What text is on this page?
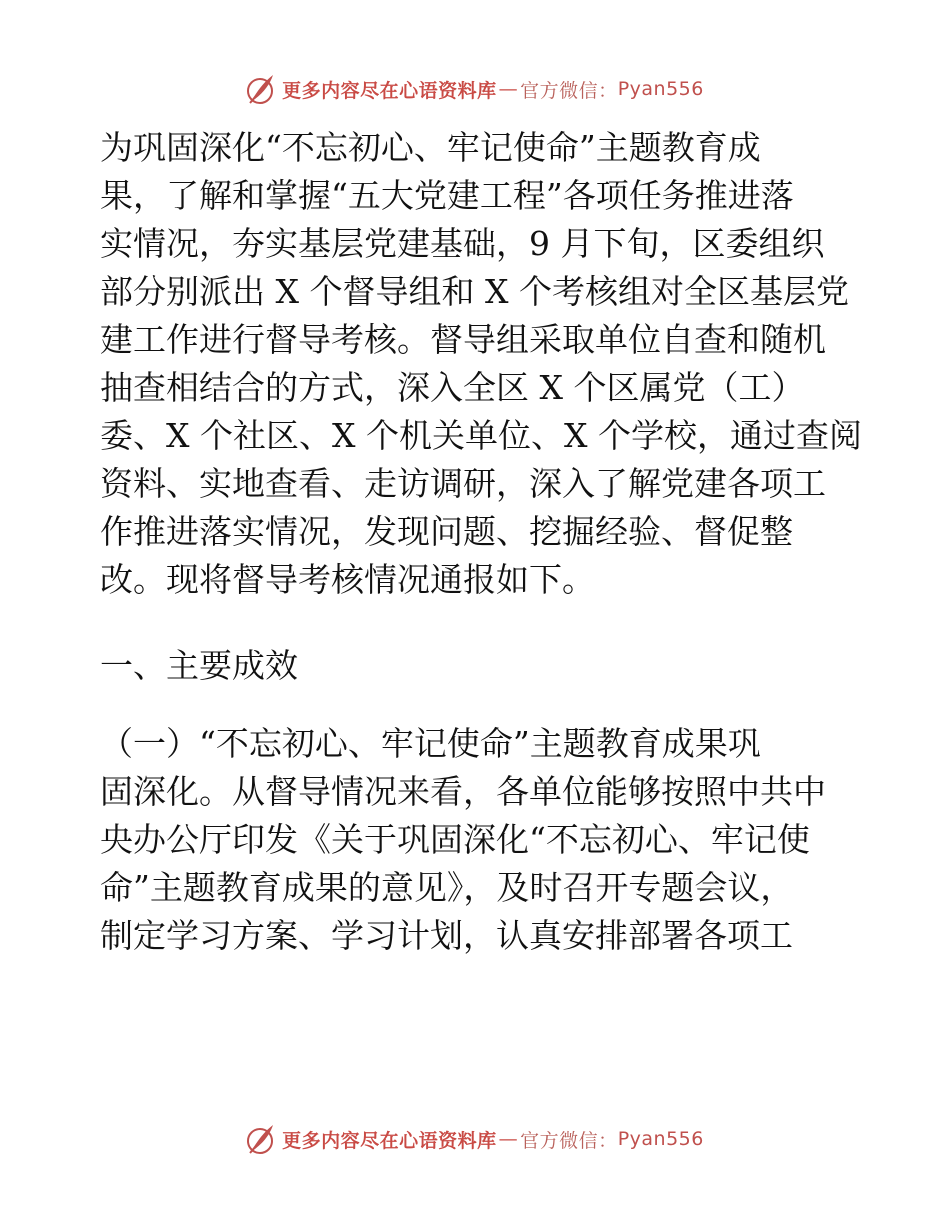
更多内容尽在心语资料库 — 官方微信： Pyan556
为巩固深化“不忘初心、牢记使命”主题教育成
果，了解和掌握“五大党建工程”各项任务推进落
实情况，夯实基层党建基础，9 月下旬，区委组织
部分别派出 X 个督导组和 X 个考核组对全区基层党
建工作进行督导考核。督导组采取单位自查和随机
抽查相结合的方式，深入全区 X 个区属党（工）
委、X 个社区、X 个机关单位、X 个学校，通过查阅
资料、实地查看、走访调研，深入了解党建各项工
作推进落实情况，发现问题、挖掘经验、督促整
改。现将督导考核情况通报如下。
一、主要成效
（一）“不忘初心、牢记使命”主题教育成果巩
固深化。从督导情况来看，各单位能够按照中共中
央办公厅印发《关于巩固深化“不忘初心、牢记使
命”主题教育成果的意见》，及时召开专题会议，
制定学习方案、学习计划，认真安排部署各项工
更多内容尽在心语资料库 — 官方微信： Pyan556
